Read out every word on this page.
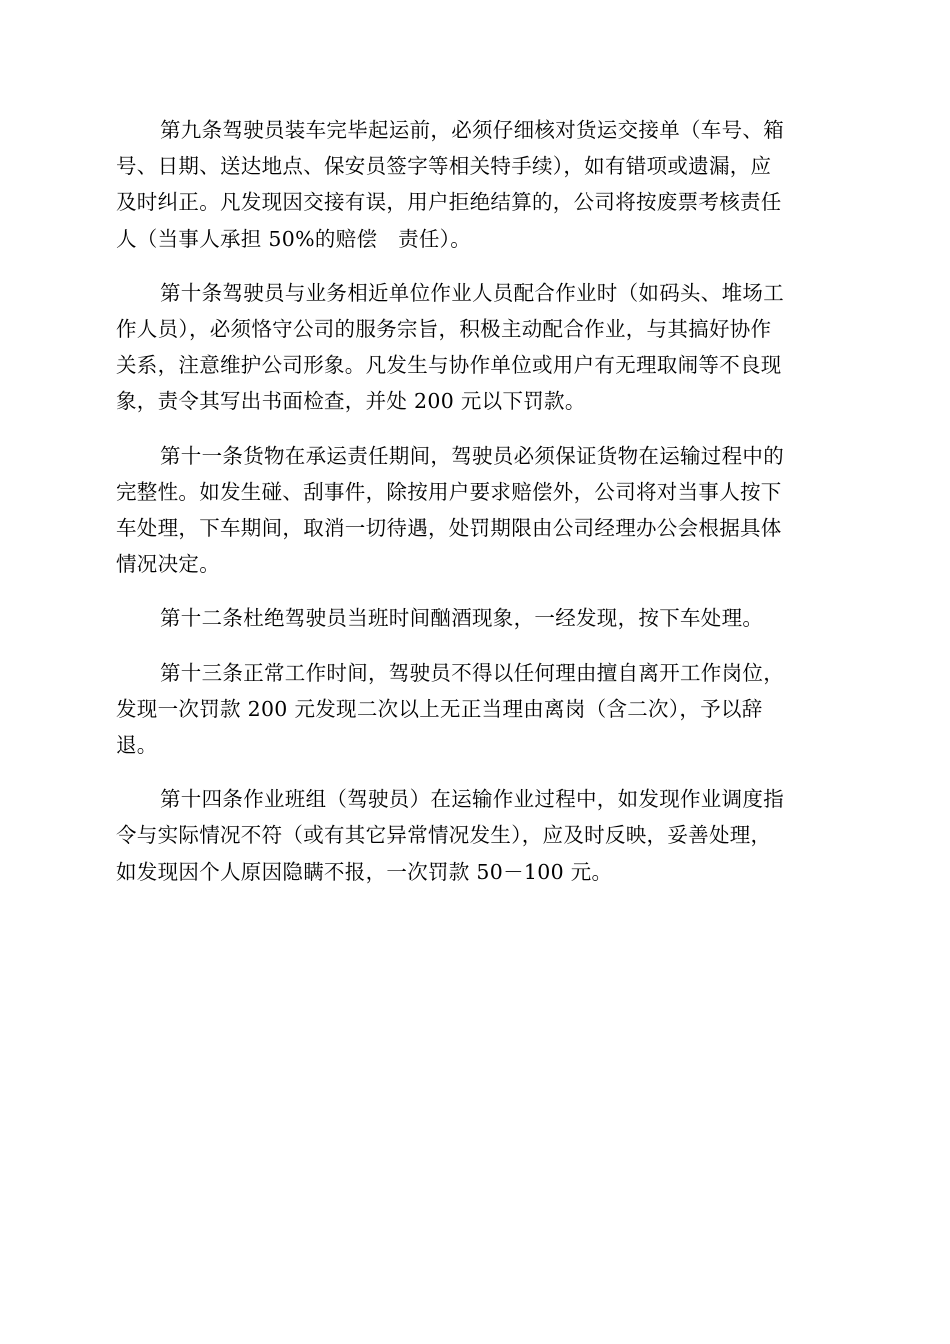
第九条驾驶员装车完毕起运前，必须仔细核对货运交接单（车号、箱
号、日期、送达地点、保安员签字等相关特手续），如有错项或遗漏，应
及时纠正。凡发现因交接有误，用户拒绝结算的，公司将按废票考核责任
人（当事人承担 50%的赔偿　责任）。
第十条驾驶员与业务相近单位作业人员配合作业时（如码头、堆场工
作人员），必须恪守公司的服务宗旨，积极主动配合作业，与其搞好协作
关系，注意维护公司形象。凡发生与协作单位或用户有无理取闹等不良现
象，责令其写出书面检查，并处 200 元以下罚款。
第十一条货物在承运责任期间，驾驶员必须保证货物在运输过程中的
完整性。如发生碰、刮事件，除按用户要求赔偿外，公司将对当事人按下
车处理，下车期间，取消一切待遇，处罚期限由公司经理办公会根据具体
情况决定。
第十二条杜绝驾驶员当班时间酗酒现象，一经发现，按下车处理。
第十三条正常工作时间，驾驶员不得以任何理由擅自离开工作岗位，
发现一次罚款 200 元发现二次以上无正当理由离岗（含二次），予以辞
退。
第十四条作业班组（驾驶员）在运输作业过程中，如发现作业调度指
令与实际情况不符（或有其它异常情况发生），应及时反映，妥善处理，
如发现因个人原因隐瞒不报，一次罚款 50－100 元。
